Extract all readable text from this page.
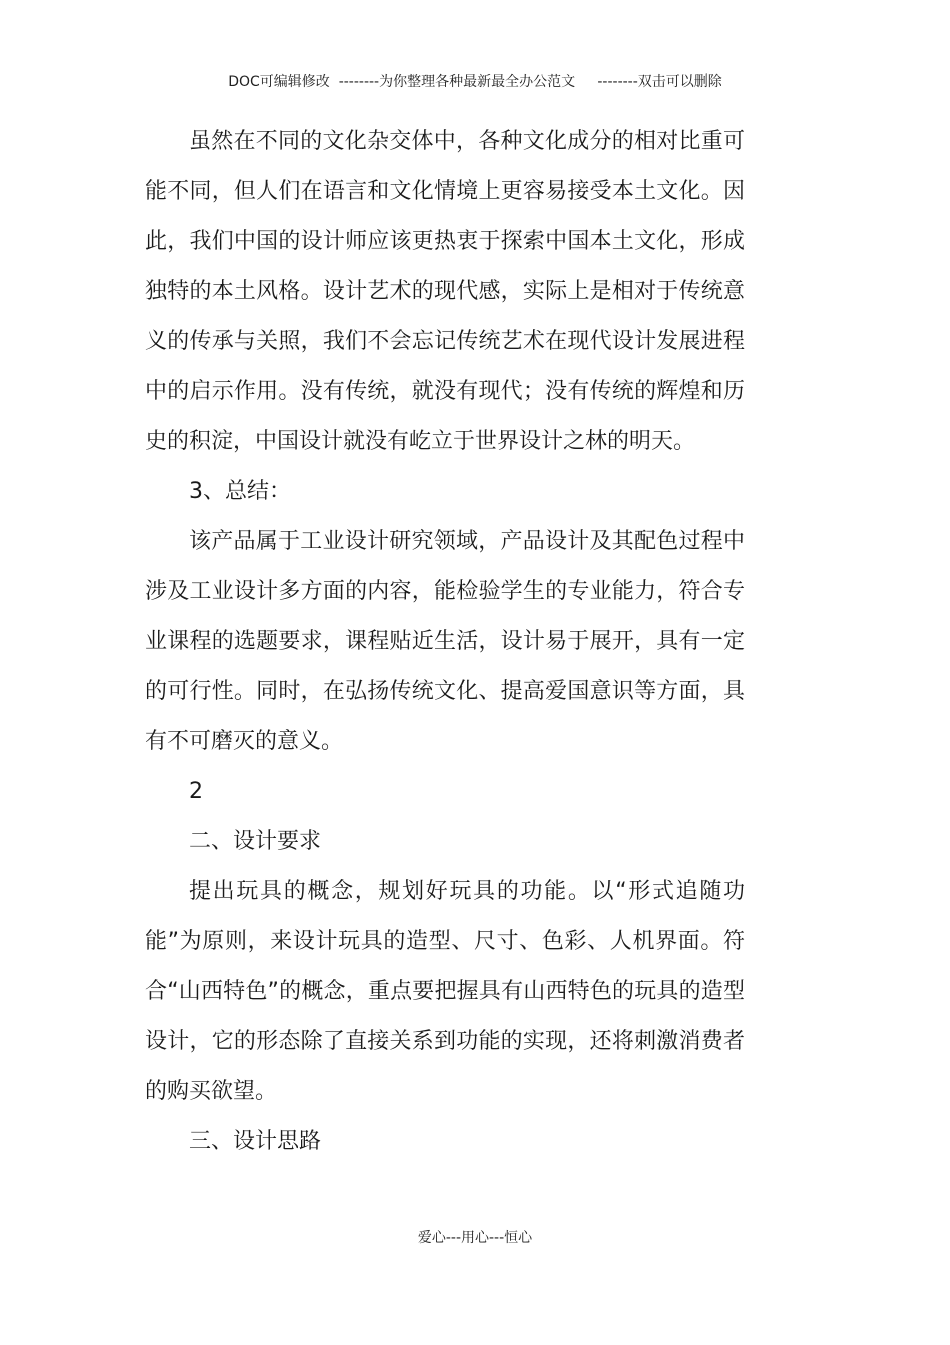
DOC可编辑修改  --------为你整理各种最新最全办公范文     --------双击可以删除

虽然在不同的文化杂交体中，各种文化成分的相对比重可能不同，但人们在语言和文化情境上更容易接受本土文化。因此，我们中国的设计师应该更热衷于探索中国本土文化，形成独特的本土风格。设计艺术的现代感，实际上是相对于传统意义的传承与关照，我们不会忘记传统艺术在现代设计发展进程中的启示作用。没有传统，就没有现代；没有传统的辉煌和历史的积淀，中国设计就没有屹立于世界设计之林的明天。

3、总结：

该产品属于工业设计研究领域，产品设计及其配色过程中涉及工业设计多方面的内容，能检验学生的专业能力，符合专业课程的选题要求，课程贴近生活，设计易于展开，具有一定的可行性。同时，在弘扬传统文化、提高爱国意识等方面，具有不可磨灭的意义。

2

二、设计要求

提出玩具的概念，规划好玩具的功能。以“形式追随功能”为原则，来设计玩具的造型、尺寸、色彩、人机界面。符合“山西特色”的概念，重点要把握具有山西特色的玩具的造型设计，它的形态除了直接关系到功能的实现，还将刺激消费者的购买欲望。

三、设计思路

爱心---用心---恒心
